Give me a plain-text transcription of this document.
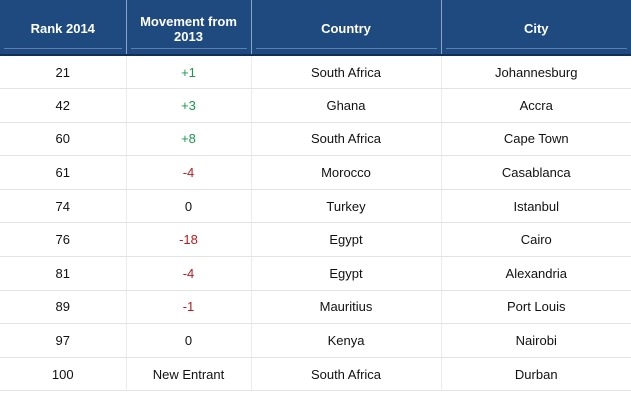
Rank 2014	Movement from 2013	Country	City

21	+1	South Africa	Johannesburg
42	+3	Ghana	Accra
60	+8	South Africa	Cape Town
61	-4	Morocco	Casablanca
74	0	Turkey	Istanbul
76	-18	Egypt	Cairo
81	-4	Egypt	Alexandria
89	-1	Mauritius	Port Louis
97	0	Kenya	Nairobi
100	New Entrant	South Africa	Durban
